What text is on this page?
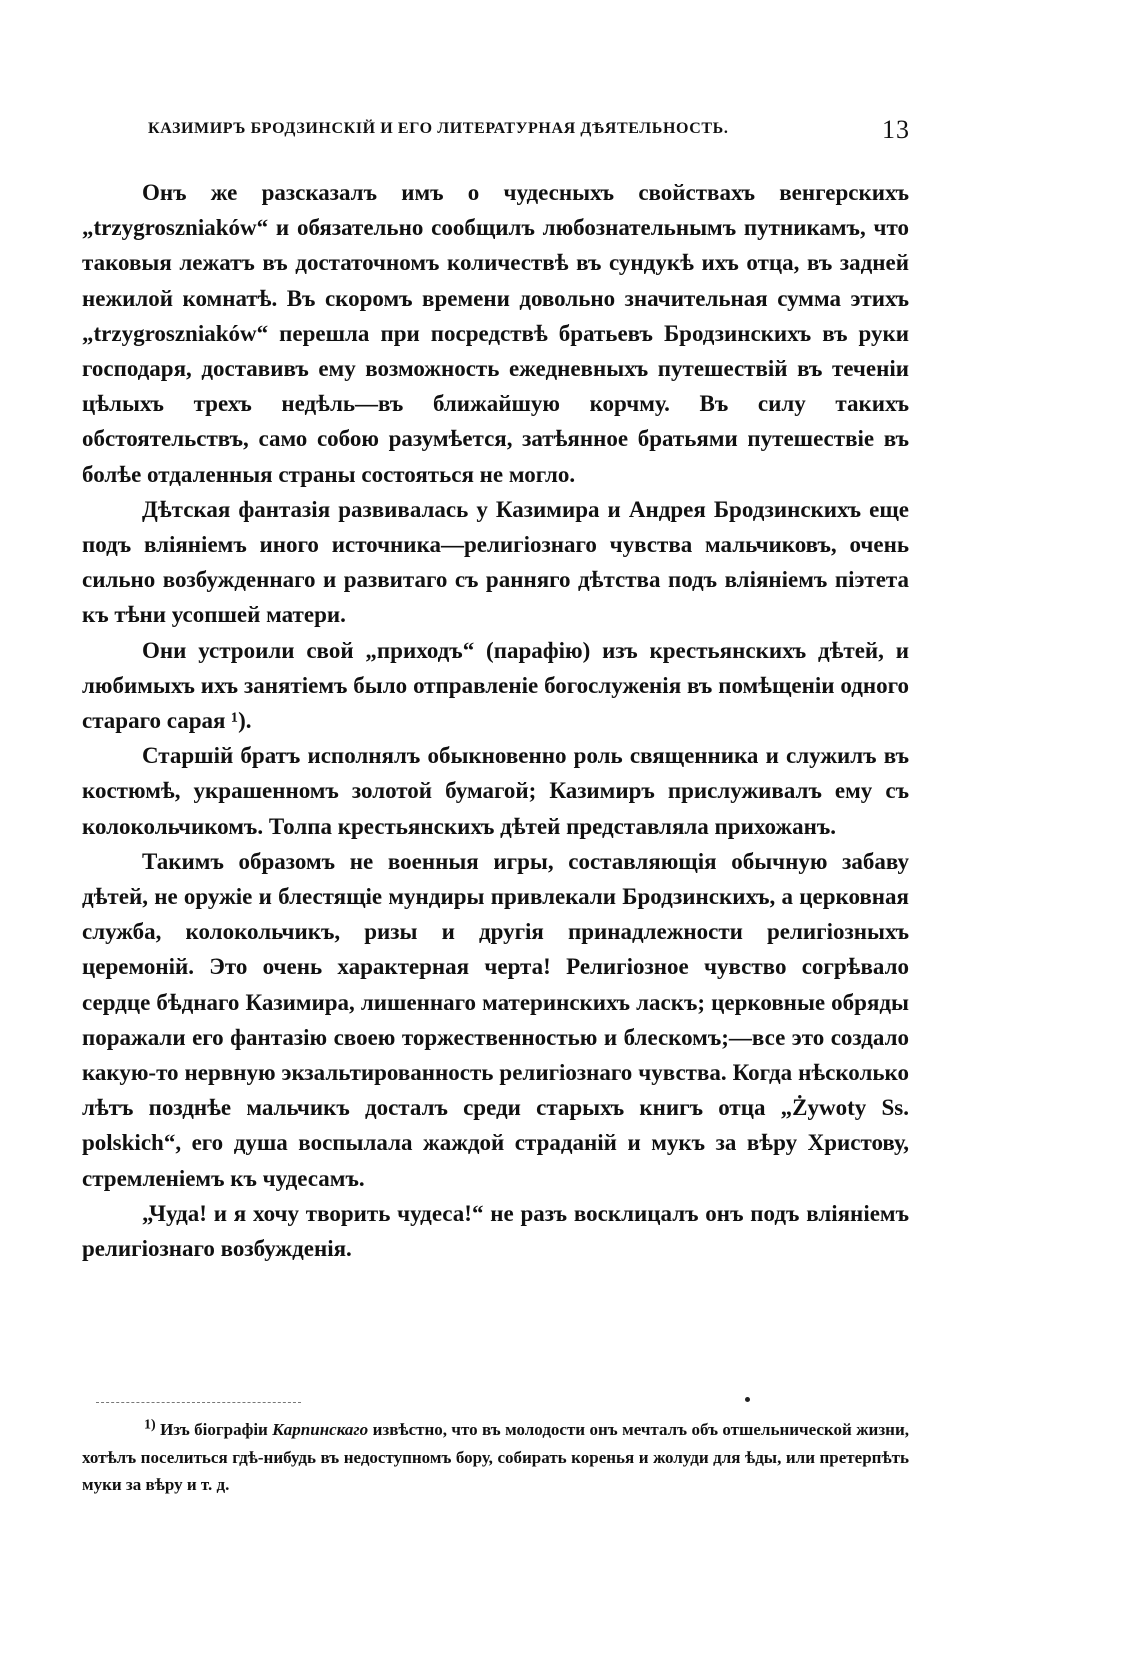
КАЗИМИРЪ БРОДЗИНСКІЙ И ЕГО ЛИТЕРАТУРНАЯ ДѢЯТЕЛЬНОСТЬ.	13

Онъ же разсказалъ имъ о чудесныхъ свойствахъ венгерскихъ „trzygroszniaków“ и обязательно сообщилъ любознательнымъ путникамъ, что таковыя лежатъ въ достаточномъ количествѣ въ сундукѣ ихъ отца, въ задней нежилой комнатѣ. Въ скоромъ времени довольно значительная сумма этихъ „trzygroszniaków“ перешла при посредствѣ братьевъ Бродзинскихъ въ руки господаря, доставивъ ему возможность ежедневныхъ путешествій въ теченіи цѣлыхъ трехъ недѣль—въ ближайшую корчму. Въ силу такихъ обстоятельствъ, само собою разумѣется, затѣянное братьями путешествіе въ болѣе отдаленныя страны состояться не могло.

Дѣтская фантазія развивалась у Казимира и Андрея Бродзинскихъ еще подъ вліяніемъ иного источника—религіознаго чувства мальчиковъ, очень сильно возбужденнаго и развитаго съ ранняго дѣтства подъ вліяніемъ піэтета къ тѣни усопшей матери.

Они устроили свой „приходъ“ (парафію) изъ крестьянскихъ дѣтей, и любимыхъ ихъ занятіемъ было отправленіе богослуженія въ помѣщеніи одного стараго сарая ¹).

Старшій братъ исполнялъ обыкновенно роль священника и служилъ въ костюмѣ, украшенномъ золотой бумагой; Казимиръ прислуживалъ ему съ колокольчикомъ. Толпа крестьянскихъ дѣтей представляла прихожанъ.

Такимъ образомъ не военныя игры, составляющія обычную забаву дѣтей, не оружіе и блестящіе мундиры привлекали Бродзинскихъ, а церковная служба, колокольчикъ, ризы и другія принадлежности религіозныхъ церемоній. Это очень характерная черта! Религіозное чувство согрѣвало сердце бѣднаго Казимира, лишеннаго материнскихъ ласкъ; церковные обряды поражали его фантазію своею торжественностью и блескомъ;—все это создало какую-то нервную экзальтированность религіознаго чувства. Когда нѣсколько лѣтъ позднѣе мальчикъ досталъ среди старыхъ книгъ отца „Żywoty Ss. polskich“, его душа воспылала жаждой страданій и мукъ за вѣру Христову, стремленіемъ къ чудесамъ.

„Чуда! и я хочу творить чудеса!“ не разъ восклицалъ онъ подъ вліяніемъ религіознаго возбужденія.

$^{1)}$ Изъ біографіи Карпинскаго извѣстно, что въ молодости онъ мечталъ объ отшельнической жизни, хотѣлъ поселиться гдѣ-нибудь въ недоступномъ бору, собирать коренья и жолуди для ѣды, или претерпѣть муки за вѣру и т. д.
